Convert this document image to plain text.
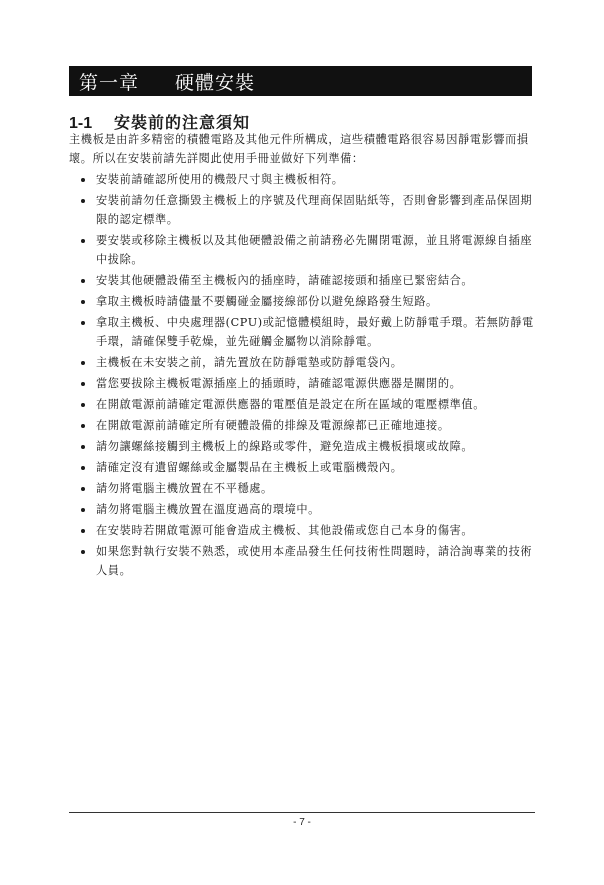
第一章	硬體安裝
1-1	安裝前的注意須知

主機板是由許多精密的積體電路及其他元件所構成，這些積體電路很容易因靜電影響而損壞。所以在安裝前請先詳閱此使用手冊並做好下列準備：

安裝前請確認所使用的機殼尺寸與主機板相符。
安裝前請勿任意撕毀主機板上的序號及代理商保固貼紙等，否則會影響到產品保固期限的認定標準。
要安裝或移除主機板以及其他硬體設備之前請務必先關閉電源，並且將電源線自插座中拔除。
安裝其他硬體設備至主機板內的插座時，請確認接頭和插座已緊密結合。
拿取主機板時請儘量不要觸碰金屬接線部份以避免線路發生短路。
拿取主機板、中央處理器(CPU)或記憶體模組時，最好戴上防靜電手環。若無防靜電手環，請確保雙手乾燥，並先碰觸金屬物以消除靜電。
主機板在未安裝之前，請先置放在防靜電墊或防靜電袋內。
當您要拔除主機板電源插座上的插頭時，請確認電源供應器是關閉的。
在開啟電源前請確定電源供應器的電壓值是設定在所在區域的電壓標準值。
在開啟電源前請確定所有硬體設備的排線及電源線都已正確地連接。
請勿讓螺絲接觸到主機板上的線路或零件，避免造成主機板損壞或故障。
請確定沒有遺留螺絲或金屬製品在主機板上或電腦機殼內。
請勿將電腦主機放置在不平穩處。
請勿將電腦主機放置在溫度過高的環境中。
在安裝時若開啟電源可能會造成主機板、其他設備或您自己本身的傷害。
如果您對執行安裝不熟悉，或使用本產品發生任何技術性問題時，請洽詢專業的技術人員。
- 7 -
